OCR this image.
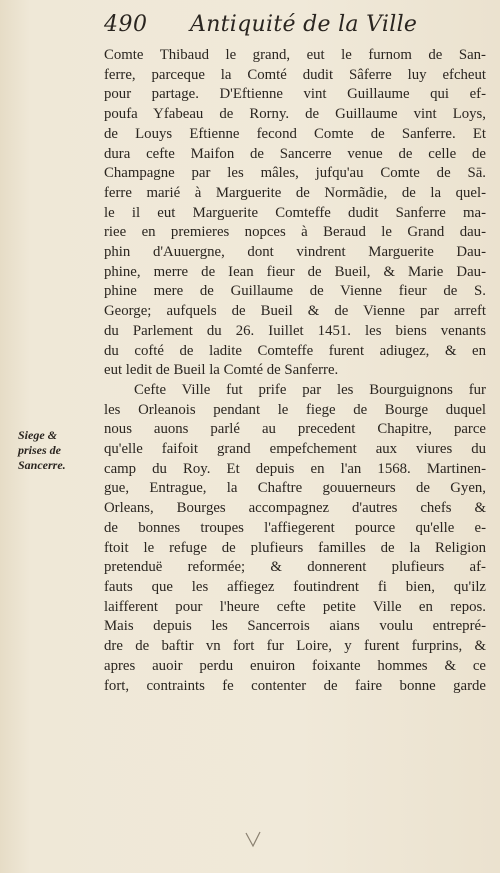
490 Antiquité de la Ville
Siege &
prises de
Sancerre.
Comte Thibaud le grand, eut le furnom de San-
ferre, parceque la Comté dudit Sâferre luy efcheut
pour partage. D'Eftienne vint Guillaume qui ef-
poufa Yfabeau de Rorny. de Guillaume vint Loys,
de Louys Eftienne fecond Comte de Sanferre. Et
dura cefte Maifon de Sancerre venue de celle de
Champagne par les mâles, jufqu'au Comte de Sā.
ferre marié à Marguerite de Normãdie, de la quel-
le il eut Marguerite Comteffe dudit Sanferre ma-
riee en premieres nopces à Beraud le Grand dau-
phin d'Auuergne, dont vindrent Marguerite Dau-
phine, merre de Iean fieur de Bueil, & Marie Dau-
phine mere de Guillaume de Vienne fieur de S.
George; aufquels de Bueil & de Vienne par arreft
du Parlement du 26. Iuillet 1451. les biens venants
du cofté de ladite Comteffe furent adiugez, & en
eut ledit de Bueil la Comté de Sanferre.
Cefte Ville fut prife par les Bourguignons fur
les Orleanois pendant le fiege de Bourge duquel
nous auons parlé au precedent Chapitre, parce
qu'elle faifoit grand empefchement aux viures du
camp du Roy. Et depuis en l'an 1568. Martinen-
gue, Entrague, la Chaftre gouuerneurs de Gyen,
Orleans, Bourges accompagnez d'autres chefs &
de bonnes troupes l'affiegerent pource qu'elle e-
ftoit le refuge de plufieurs familles de la Religion
pretenduë reformée; & donnerent plufieurs af-
fauts que les affiegez foutindrent fi bien, qu'ilz
laifferent pour l'heure cefte petite Ville en repos.
Mais depuis les Sancerrois aians voulu entrepré-
dre de baftir vn fort fur Loire, y furent furprins, &
apres auoir perdu enuiron foixante hommes & ce
fort, contraints fe contenter de faire bonne garde
